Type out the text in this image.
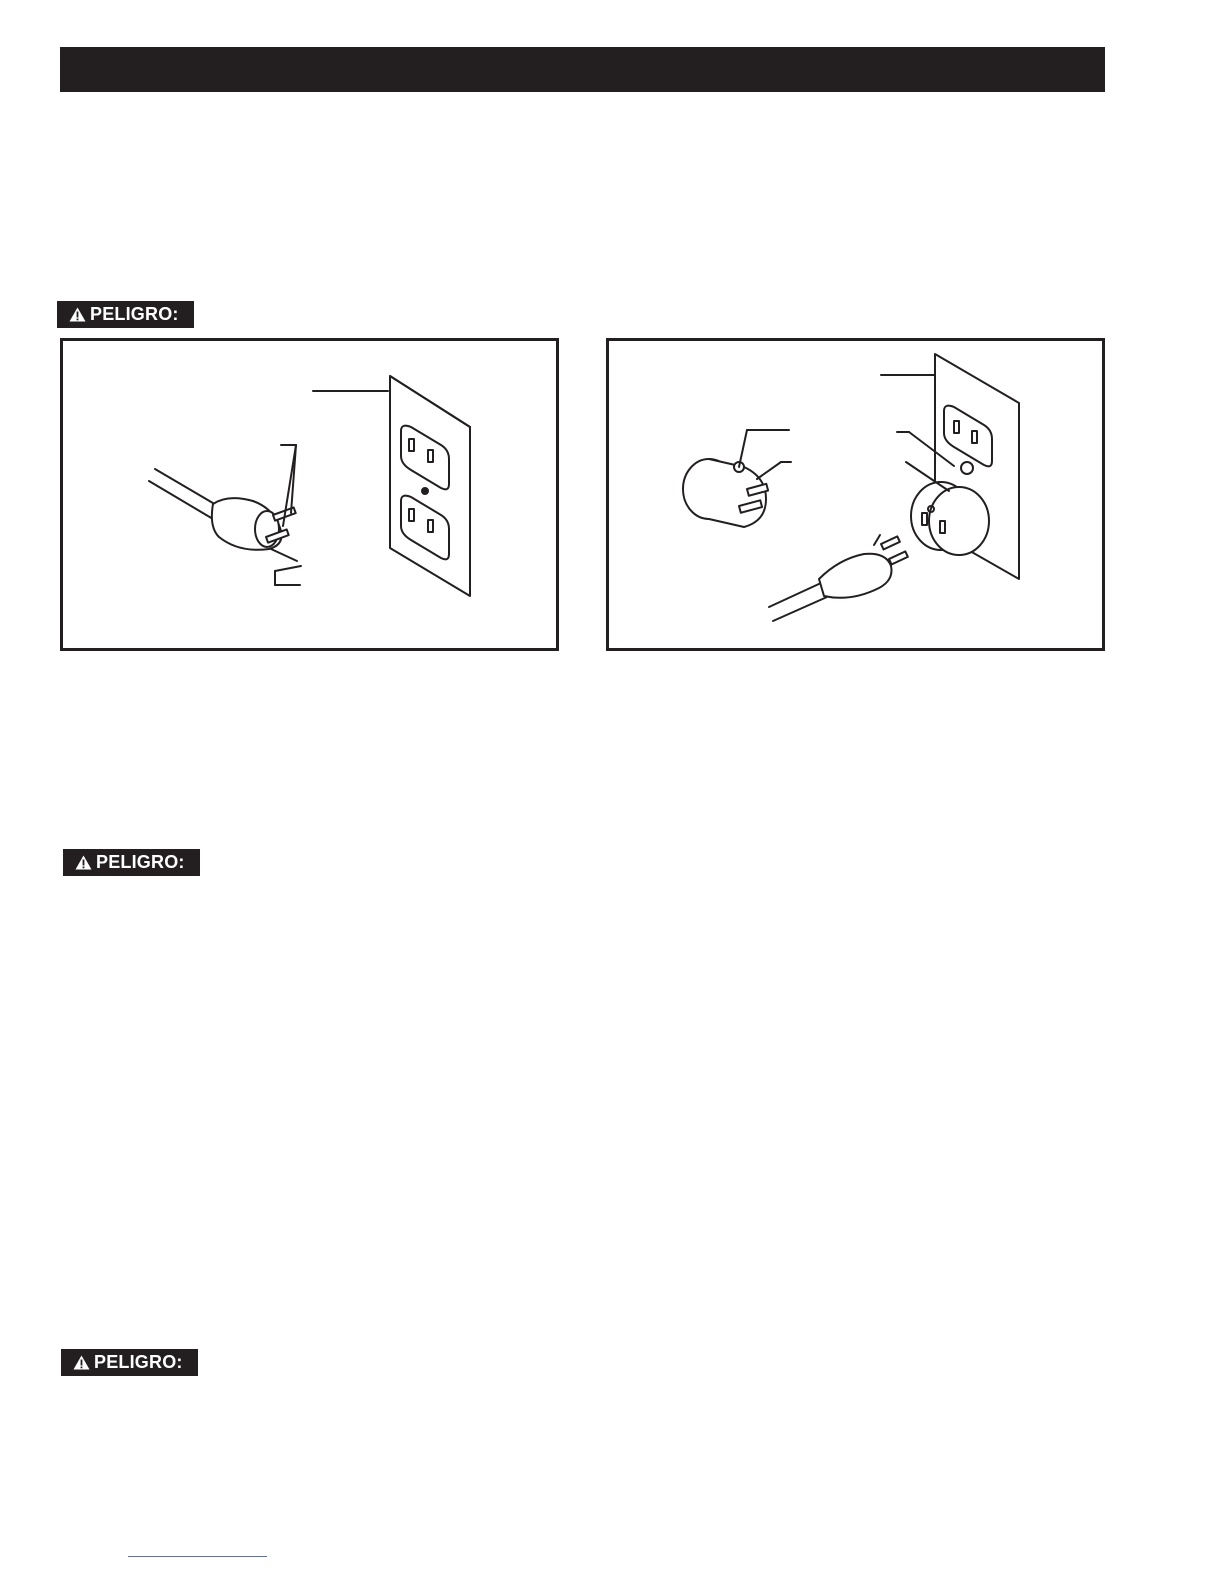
PELIGRO:
PELIGRO:
PELIGRO:
